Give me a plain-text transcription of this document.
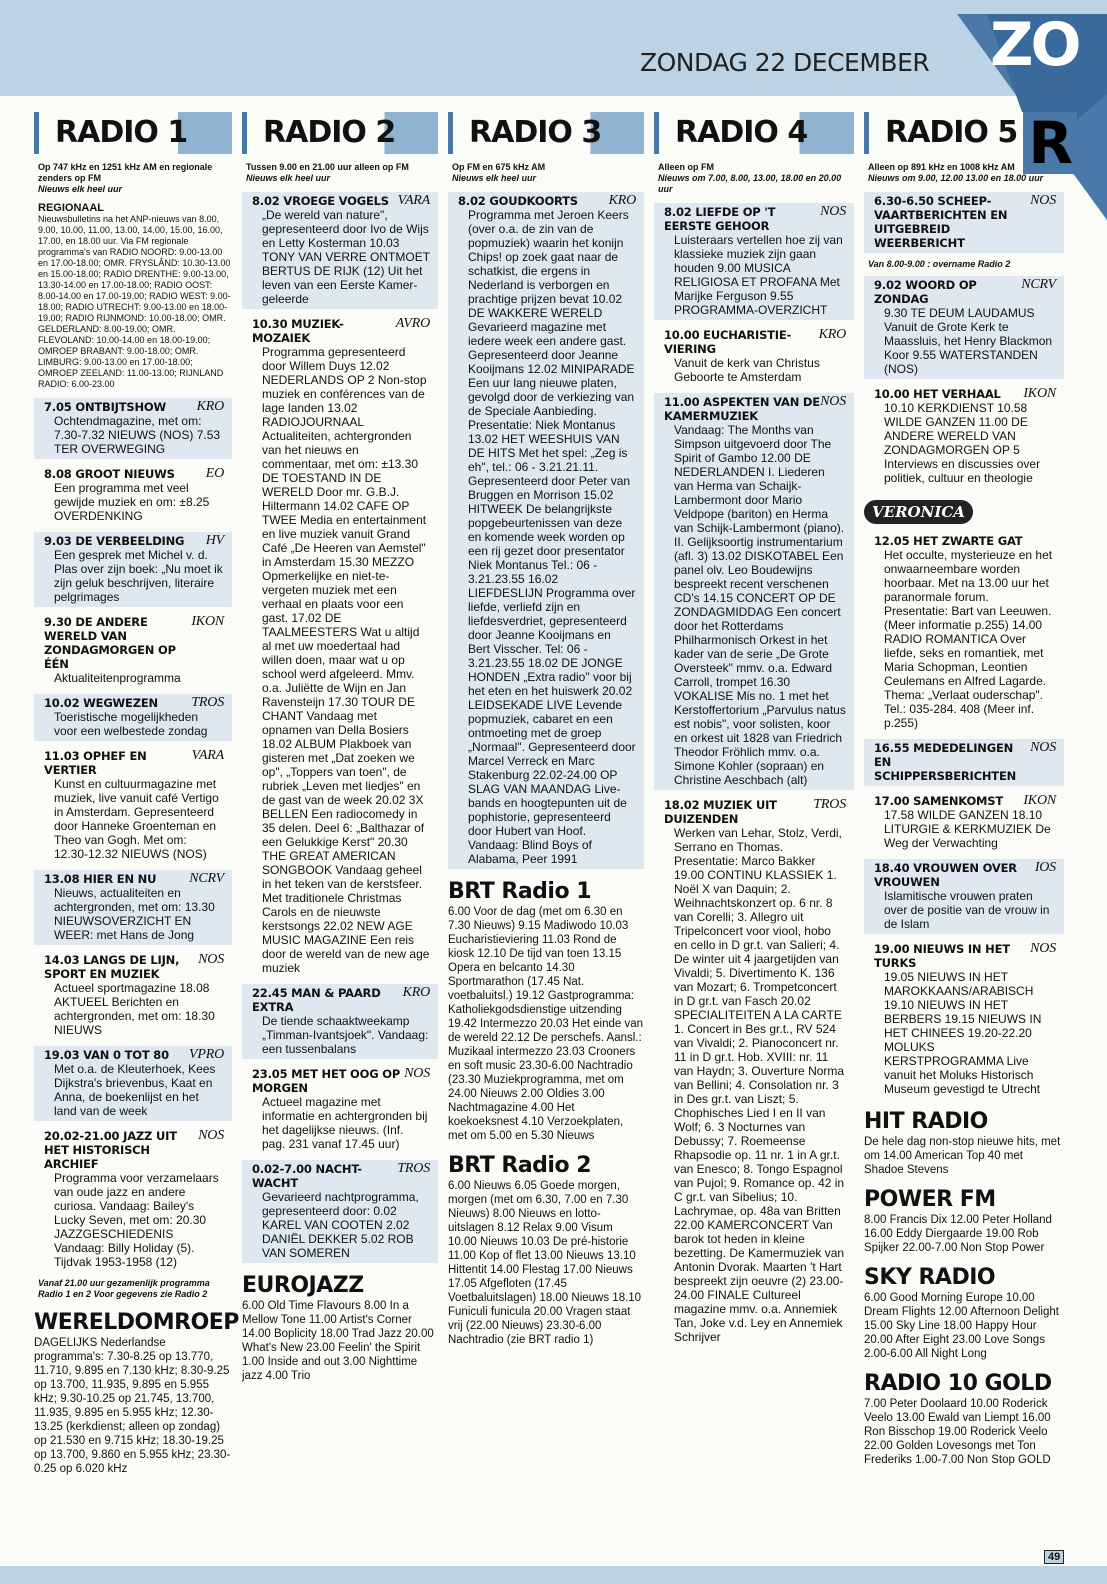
ZONDAG 22 DECEMBER ZO
RADIO 1
Op 747 kHz en 1251 kHz AM en regionale zenders op FM
Nieuws elk heel uur
REGIONAAL
Nieuwsbulletins na het ANP-nieuws van 8.00, 9.00, 10.00, 11.00, 13.00, 14.00, 15.00, 16.00, 17.00, en 18.00 uur. Via FM regionale programma's van RADIO NOORD: 9.00-13.00 en 17.00-18.00; OMR. FRYSLÂND: 10.30-13.00 en 15.00-18.00; RADIO DRENTHE: 9.00-13.00, 13.30-14.00 en 17.00-18.00; RADIO OOST: 8.00-14.00 en 17.00-19.00; RADIO WEST: 9.00-18.00; RADIO UTRECHT: 9.00-13.00 en 18.00-19.00; RADIO RIJNMOND: 10.00-18.00; OMR. GELDERLAND: 8.00-19.00; OMR. FLEVOLAND: 10.00-14.00 en 18.00-19.00; OMROEP BRABANT: 9.00-18.00; OMR. LIMBURG: 9.00-13.00 en 17.00-18.00; OMROEP ZEELAND: 11.00-13.00; RIJNLAND RADIO: 6.00-23.00
7.05 ONTBIJTSHOW KRO
Ochtendmagazine, met om: 7.30-7.32 NIEUWS (NOS) 7.53 TER OVERWEGING
8.08 GROOT NIEUWS EO
Een programma met veel gewijde muziek en om: ±8.25 OVERDENKING
9.03 DE VERBEELDING HV
Een gesprek met Michel v. d. Plas over zijn boek: „Nu moet ik zijn geluk beschrijven, literaire pelgrimages
9.30 DE ANDERE WERELD VAN ZONDAGMORGEN OP ÉÉN
IKON
Aktualiteitenprogramma
10.02 WEGWEZEN TROS
Toeristische mogelijkheden voor een welbestede zondag
11.03 OPHEF EN VERTIER
VARA
Kunst en cultuurmagazine met muziek, live vanuit café Vertigo in Amsterdam. Gepresenteerd door Hanneke Groenteman en Theo van Gogh. Met om: 12.30-12.32 NIEUWS (NOS)
13.08 HIER EN NU NCRV
Nieuws, actualiteiten en achtergronden, met om: 13.30 NIEUWSOVERZICHT EN WEER: met Hans de Jong
14.03 LANGS DE LIJN, SPORT EN MUZIEK
NOS
Actueel sportmagazine 18.08 AKTUEEL Berichten en achtergronden, met om: 18.30 NIEUWS
19.03 VAN 0 TOT 80 VPRO
Met o.a. de Kleuterhoek, Kees Dijkstra's brievenbus, Kaat en Anna, de boekenlijst en het land van de week
20.02-21.00 JAZZ UIT HET HISTORISCH ARCHIEF
NOS
Programma voor verzamelaars van oude jazz en andere curiosa. Vandaag: Bailey's Lucky Seven, met om: 20.30 JAZZGESCHIEDENIS Vandaag: Billy Holiday (5). Tijdvak 1953-1958 (12)
Vanaf 21.00 uur gezamenlijk programma Radio 1 en 2 Voor gegevens zie Radio 2
WERELDOMROEP
DAGELIJKS Nederlandse programma's: 7.30-8.25 op 13.770, 11.710, 9.895 en 7.130 kHz; 8.30-9.25 op 13.700, 11.935, 9.895 en 5.955 kHz; 9.30-10.25 op 21.745, 13.700, 11.935, 9.895 en 5.955 kHz; 12.30-13.25 (kerkdienst; alleen op zondag) op 21.530 en 9.715 kHz; 18.30-19.25 op 13.700, 9.860 en 5.955 kHz; 23.30-0.25 op 6.020 kHz
RADIO 2
Tussen 9.00 en 21.00 uur alleen op FM
Nieuws elk heel uur
8.02 VROEGE VOGELS VARA
„De wereld van nature", gepresenteerd door Ivo de Wijs en Letty Kosterman 10.03 TONY VAN VERRE ONTMOET BERTUS DE RIJK (12) Uit het leven van een Eerste Kamer-geleerde
10.30 MUZIEK-MOZAIEK
AVRO
Programma gepresenteerd door Willem Duys 12.02 NEDERLANDS OP 2 Non-stop muziek en conférences van de lage landen 13.02 RADIOJOURNAAL Actualiteiten, achtergronden van het nieuws en commentaar, met om: ±13.30 DE TOESTAND IN DE WERELD Door mr. G.B.J. Hiltermann 14.02 CAFE OP TWEE Media en entertainment en live muziek vanuit Grand Café „De Heeren van Aemstel" in Amsterdam 15.30 MEZZO Opmerkelijke en niet-te-vergeten muziek met een verhaal en plaats voor een gast. 17.02 DE TAALMEESTERS Wat u altijd al met uw moedertaal had willen doen, maar wat u op school werd afgeleerd. Mmv. o.a. Juliëtte de Wijn en Jan Ravensteijn 17.30 TOUR DE CHANT Vandaag met opnamen van Della Bosiers 18.02 ALBUM Plakboek van gisteren met „Dat zoeken we op", „Toppers van toen", de rubriek „Leven met liedjes" en de gast van de week 20.02 3X BELLEN Een radiocomedy in 35 delen. Deel 6: „Balthazar of een Gelukkige Kerst" 20.30 THE GREAT AMERICAN SONGBOOK Vandaag geheel in het teken van de kerstsfeer. Met traditionele Christmas Carols en de nieuwste kerstsongs 22.02 NEW AGE MUSIC MAGAZINE Een reis door de wereld van de new age muziek
22.45 MAN & PAARD EXTRA
KRO
De tiende schaaktweekamp „Timman-Ivantsjoek". Vandaag: een tussenbalans
23.05 MET HET OOG OP MORGEN
NOS
Actueel magazine met informatie en achtergronden bij het dagelijkse nieuws. (Inf. pag. 231 vanaf 17.45 uur)
0.02-7.00 NACHT-WACHT
TROS
Gevarieerd nachtprogramma, gepresenteerd door: 0.02 KAREL VAN COOTEN 2.02 DANIËL DEKKER 5.02 ROB VAN SOMEREN
EUROJAZZ
6.00 Old Time Flavours 8.00 In a Mellow Tone 11.00 Artist's Corner 14.00 Boplicity 18.00 Trad Jazz 20.00 What's New 23.00 Feelin' the Spirit 1.00 Inside and out 3.00 Nighttime jazz 4.00 Trio
RADIO 3
Op FM en 675 kHz AM
Nieuws elk heel uur
8.02 GOUDKOORTS KRO
Programma met Jeroen Keers (over o.a. de zin van de popmuziek) waarin het konijn Chips! op zoek gaat naar de schatkist, die ergens in Nederland is verborgen en prachtige prijzen bevat 10.02 DE WAKKERE WERELD Gevarieerd magazine met iedere week een andere gast. Gepresenteerd door Jeanne Kooijmans 12.02 MINIPARADE Een uur lang nieuwe platen, gevolgd door de verkiezing van de Speciale Aanbieding. Presentatie: Niek Montanus 13.02 HET WEESHUIS VAN DE HITS Met het spel: „Zeg is eh", tel.: 06 - 3.21.21.11. Gepresenteerd door Peter van Bruggen en Morrison 15.02 HITWEEK De belangrijkste popgebeurtenissen van deze en komende week worden op een rij gezet door presentator Niek Montanus Tel.: 06 - 3.21.23.55 16.02 LIEFDESLIJN Programma over liefde, verliefd zijn en liefdesverdriet, gepresenteerd door Jeanne Kooijmans en Bert Visscher. Tel: 06 - 3.21.23.55 18.02 DE JONGE HONDEN „Extra radio" voor bij het eten en het huiswerk 20.02 LEIDSEKADE LIVE Levende popmuziek, cabaret en een ontmoeting met de groep „Normaal". Gepresenteerd door Marcel Verreck en Marc Stakenburg 22.02-24.00 OP SLAG VAN MAANDAG Live-bands en hoogtepunten uit de pophistorie, gepresenteerd door Hubert van Hoof. Vandaag: Blind Boys of Alabama, Peer 1991
BRT Radio 1
6.00 Voor de dag (met om 6.30 en 7.30 Nieuws) 9.15 Madiwodo 10.03 Eucharistieviering 11.03 Rond de kiosk 12.10 De tijd van toen 13.15 Opera en belcanto 14.30 Sportmarathon (17.45 Nat. voetbaluitsl.) 19.12 Gastprogramma: Katholiekgodsdienstige uitzending 19.42 Intermezzo 20.03 Het einde van de wereld 22.12 De perschefs. Aansl.: Muzikaal intermezzo 23.03 Crooners en soft music 23.30-6.00 Nachtradio (23.30 Muziekprogramma, met om 24.00 Nieuws 2.00 Oldies 3.00 Nachtmagazine 4.00 Het koekoeksnest 4.10 Verzoekplaten, met om 5.00 en 5.30 Nieuws
BRT Radio 2
6.00 Nieuws 6.05 Goede morgen, morgen (met om 6.30, 7.00 en 7.30 Nieuws) 8.00 Nieuws en lotto-uitslagen 8.12 Relax 9.00 Visum 10.00 Nieuws 10.03 De pré-historie 11.00 Kop of flet 13.00 Nieuws 13.10 Hittentit 14.00 Flestag 17.00 Nieuws 17.05 Afgefloten (17.45 Voetbaluitslagen) 18.00 Nieuws 18.10 Funiculi funicula 20.00 Vragen staat vrij (22.00 Nieuws) 23.30-6.00 Nachtradio (zie BRT radio 1)
RADIO 4
Alleen op FM
Nieuws om 7.00, 8.00, 13.00, 18.00 en 20.00 uur
8.02 LIEFDE OP 'T EERSTE GEHOOR
NOS
Luisteraars vertellen hoe zij van klassieke muziek zijn gaan houden 9.00 MUSICA RELIGIOSA ET PROFANA Met Marijke Ferguson 9.55 PROGRAMMA-OVERZICHT
10.00 EUCHARISTIE-VIERING
KRO
Vanuit de kerk van Christus Geboorte te Amsterdam
11.00 ASPEKTEN VAN DE KAMERMUZIEK
NOS
Vandaag: The Months van Simpson uitgevoerd door The Spirit of Gambo 12.00 DE NEDERLANDEN I. Liederen van Herma van Schaijk-Lambermont door Mario Veldpope (bariton) en Herma van Schijk-Lambermont (piano). II. Gelijksoortig instrumentarium (afl. 3) 13.02 DISKOTABEL Een panel olv. Leo Boudewijns bespreekt recent verschenen CD's 14.15 CONCERT OP DE ZONDAGMIDDAG Een concert door het Rotterdams Philharmonisch Orkest in het kader van de serie „De Grote Oversteek" mmv. o.a. Edward Carroll, trompet 16.30 VOKALISE Mis no. 1 met het Kerstoffertorium „Parvulus natus est nobis", voor solisten, koor en orkest uit 1828 van Friedrich Theodor Fröhlich mmv. o.a. Simone Kohler (sopraan) en Christine Aeschbach (alt)
18.02 MUZIEK UIT DUIZENDEN
TROS
Werken van Lehar, Stolz, Verdi, Serrano en Thomas. Presentatie: Marco Bakker 19.00 CONTINU KLASSIEK 1. Noël X van Daquin; 2. Weihnachtskonzert op. 6 nr. 8 van Corelli; 3. Allegro uit Tripelconcert voor viool, hobo en cello in D gr.t. van Salieri; 4. De winter uit 4 jaargetijden van Vivaldi; 5. Divertimento K. 136 van Mozart; 6. Trompetconcert in D gr.t. van Fasch 20.02 SPECIALITEITEN A LA CARTE 1. Concert in Bes gr.t., RV 524 van Vivaldi; 2. Pianoconcert nr. 11 in D gr.t. Hob. XVIII: nr. 11 van Haydn; 3. Ouverture Norma van Bellini; 4. Consolation nr. 3 in Des gr.t. van Liszt; 5. Chophisches Lied I en II van Wolf; 6. 3 Nocturnes van Debussy; 7. Roemeense Rhapsodie op. 11 nr. 1 in A gr.t. van Enesco; 8. Tongo Espagnol van Pujol; 9. Romance op. 42 in C gr.t. van Sibelius; 10. Lachrymae, op. 48a van Britten 22.00 KAMERCONCERT Van barok tot heden in kleine bezetting. De Kamermuziek van Antonin Dvorak. Maarten 't Hart bespreekt zijn oeuvre (2) 23.00-24.00 FINALE Cultureel magazine mmv. o.a. Annemiek Tan, Joke v.d. Ley en Annemiek Schrijver
RADIO 5 R
Alleen op 891 kHz en 1008 kHz AM
Nieuws om 9.00, 12.00 13.00 en 18.00 uur
6.30-6.50 SCHEEP-VAARTBERICHTEN EN UITGEBREID WEERBERICHT
NOS
Van 8.00-9.00 : overname Radio 2
9.02 WOORD OP ZONDAG
NCRV
9.30 TE DEUM LAUDAMUS Vanuit de Grote Kerk te Maassluis, het Henry Blackmon Koor 9.55 WATERSTANDEN (NOS)
10.00 HET VERHAAL IKON
10.10 KERKDIENST 10.58 WILDE GANZEN 11.00 DE ANDERE WERELD VAN ZONDAGMORGEN OP 5 Interviews en discussies over politiek, cultuur en theologie
VERONICA
12.05 HET ZWARTE GAT
Het occulte, mysterieuze en het onwaarneembare worden hoorbaar. Met na 13.00 uur het paranormale forum. Presentatie: Bart van Leeuwen. (Meer informatie p.255) 14.00 RADIO ROMANTICA Over liefde, seks en romantiek, met Maria Schopman, Leontien Ceulemans en Alfred Lagarde. Thema: „Verlaat ouderschap". Tel.: 035-284. 408 (Meer inf. p.255)
16.55 MEDEDELINGEN EN SCHIPPERSBERICHTEN
NOS
17.00 SAMENKOMST IKON
17.58 WILDE GANZEN 18.10 LITURGIE & KERKMUZIEK De Weg der Verwachting
18.40 VROUWEN OVER VROUWEN
IOS
Islamitische vrouwen praten over de positie van de vrouw in de Islam
19.00 NIEUWS IN HET TURKS
NOS
19.05 NIEUWS IN HET MAROKKAANS/ARABISCH 19.10 NIEUWS IN HET BERBERS 19.15 NIEUWS IN HET CHINEES 19.20-22.20 MOLUKS KERSTPROGRAMMA Live vanuit het Moluks Historisch Museum gevestigd te Utrecht
HIT RADIO
De hele dag non-stop nieuwe hits, met om 14.00 American Top 40 met Shadoe Stevens
POWER FM
8.00 Francis Dix 12.00 Peter Holland 16.00 Eddy Diergaarde 19.00 Rob Spijker 22.00-7.00 Non Stop Power
SKY RADIO
6.00 Good Morning Europe 10.00 Dream Flights 12.00 Afternoon Delight 15.00 Sky Line 18.00 Happy Hour 20.00 After Eight 23.00 Love Songs 2.00-6.00 All Night Long
RADIO 10 GOLD
7.00 Peter Doolaard 10.00 Roderick Veelo 13.00 Ewald van Liempt 16.00 Ron Bisschop 19.00 Roderick Veelo 22.00 Golden Lovesongs met Ton Frederiks 1.00-7.00 Non Stop GOLD
49
